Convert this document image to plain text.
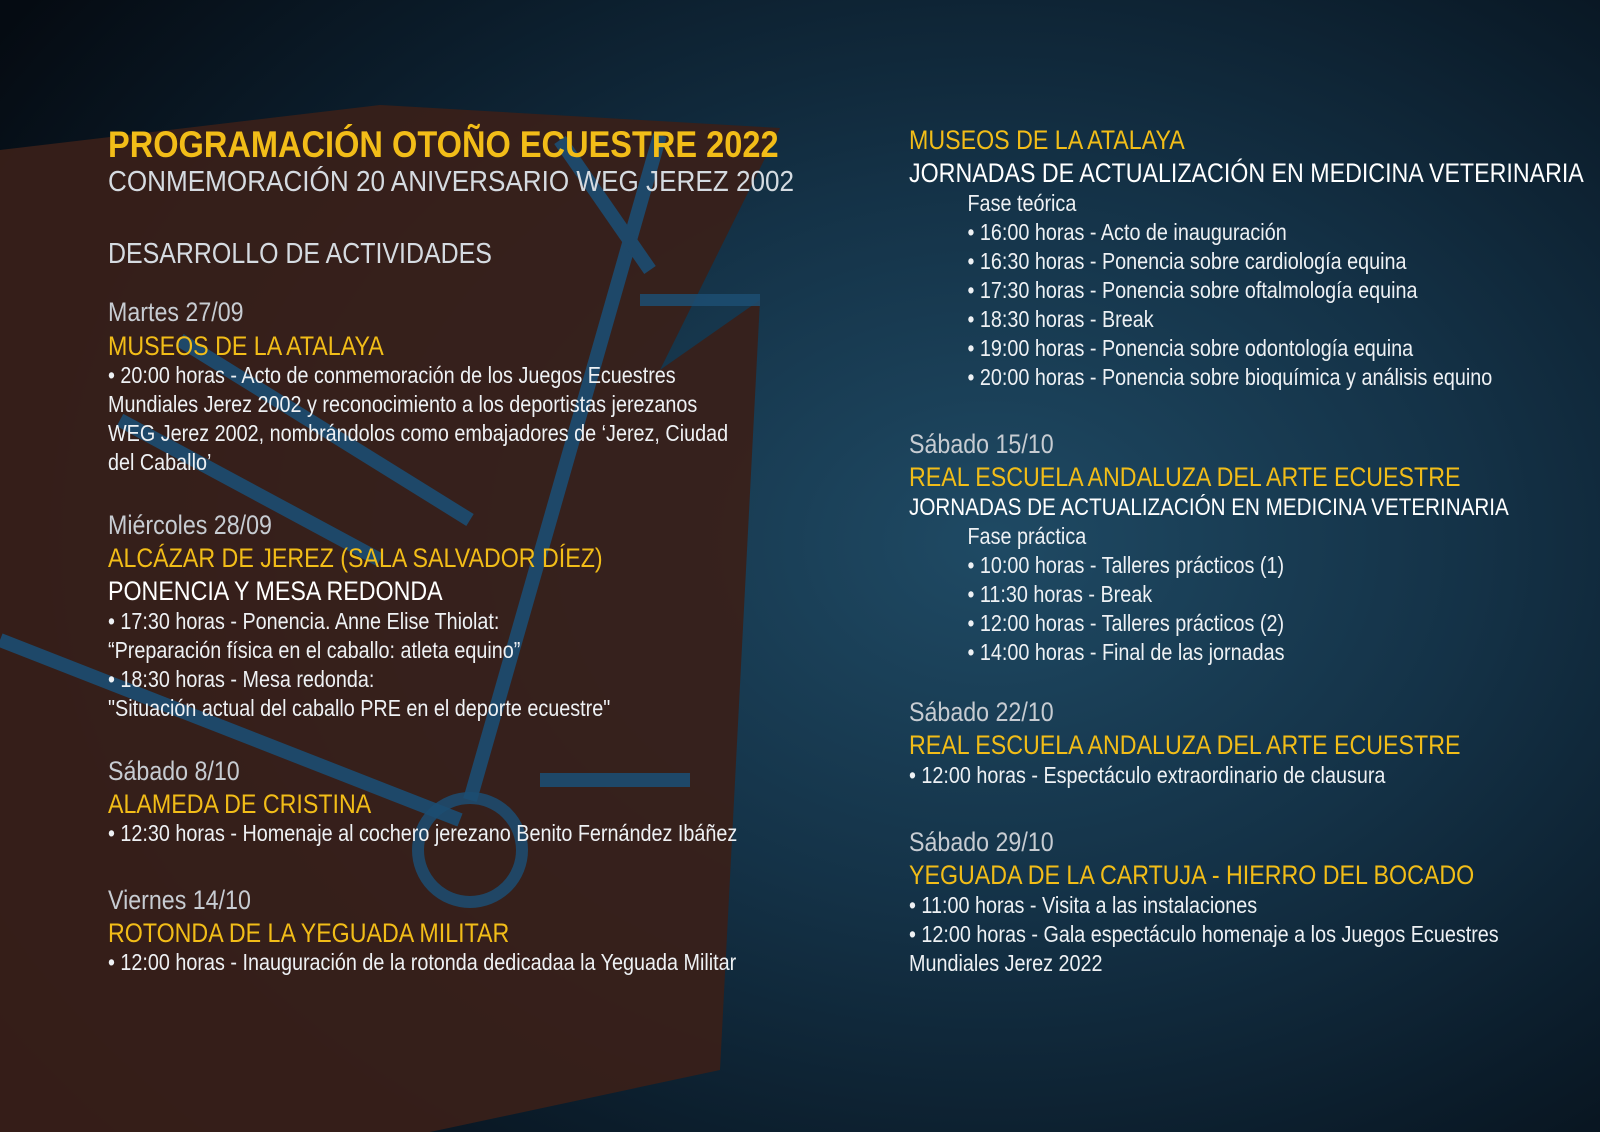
PROGRAMACIÓN OTOÑO ECUESTRE 2022
CONMEMORACIÓN 20 ANIVERSARIO WEG JEREZ 2002
DESARROLLO DE ACTIVIDADES
Martes 27/09
MUSEOS DE LA ATALAYA
• 20:00 horas - Acto de conmemoración de los Juegos Ecuestres
Mundiales Jerez 2002 y reconocimiento a los deportistas jerezanos
WEG Jerez 2002, nombrándolos como embajadores de ‘Jerez, Ciudad
del Caballo’
Miércoles 28/09
ALCÁZAR DE JEREZ (SALA SALVADOR DÍEZ)
PONENCIA Y MESA REDONDA
• 17:30 horas - Ponencia. Anne Elise Thiolat:
“Preparación física en el caballo: atleta equino”
• 18:30 horas - Mesa redonda:
"Situación actual del caballo PRE en el deporte ecuestre"
Sábado 8/10
ALAMEDA DE CRISTINA
• 12:30 horas - Homenaje al cochero jerezano Benito Fernández Ibáñez
Viernes 14/10
ROTONDA DE LA YEGUADA MILITAR
• 12:00 horas - Inauguración de la rotonda dedicadaa la Yeguada Militar
MUSEOS DE LA ATALAYA
JORNADAS DE ACTUALIZACIÓN EN MEDICINA VETERINARIA
Fase teórica
• 16:00 horas - Acto de inauguración
• 16:30 horas - Ponencia sobre cardiología equina
• 17:30 horas - Ponencia sobre oftalmología equina
• 18:30 horas - Break
• 19:00 horas - Ponencia sobre odontología equina
• 20:00 horas - Ponencia sobre bioquímica y análisis equino
Sábado 15/10
REAL ESCUELA ANDALUZA DEL ARTE ECUESTRE
JORNADAS DE ACTUALIZACIÓN EN MEDICINA VETERINARIA
Fase práctica
• 10:00 horas - Talleres prácticos (1)
• 11:30 horas - Break
• 12:00 horas - Talleres prácticos (2)
• 14:00 horas - Final de las jornadas
Sábado 22/10
REAL ESCUELA ANDALUZA DEL ARTE ECUESTRE
• 12:00 horas - Espectáculo extraordinario de clausura
Sábado 29/10
YEGUADA DE LA CARTUJA - HIERRO DEL BOCADO
• 11:00 horas - Visita a las instalaciones
• 12:00 horas - Gala espectáculo homenaje a los Juegos Ecuestres
Mundiales Jerez 2022
